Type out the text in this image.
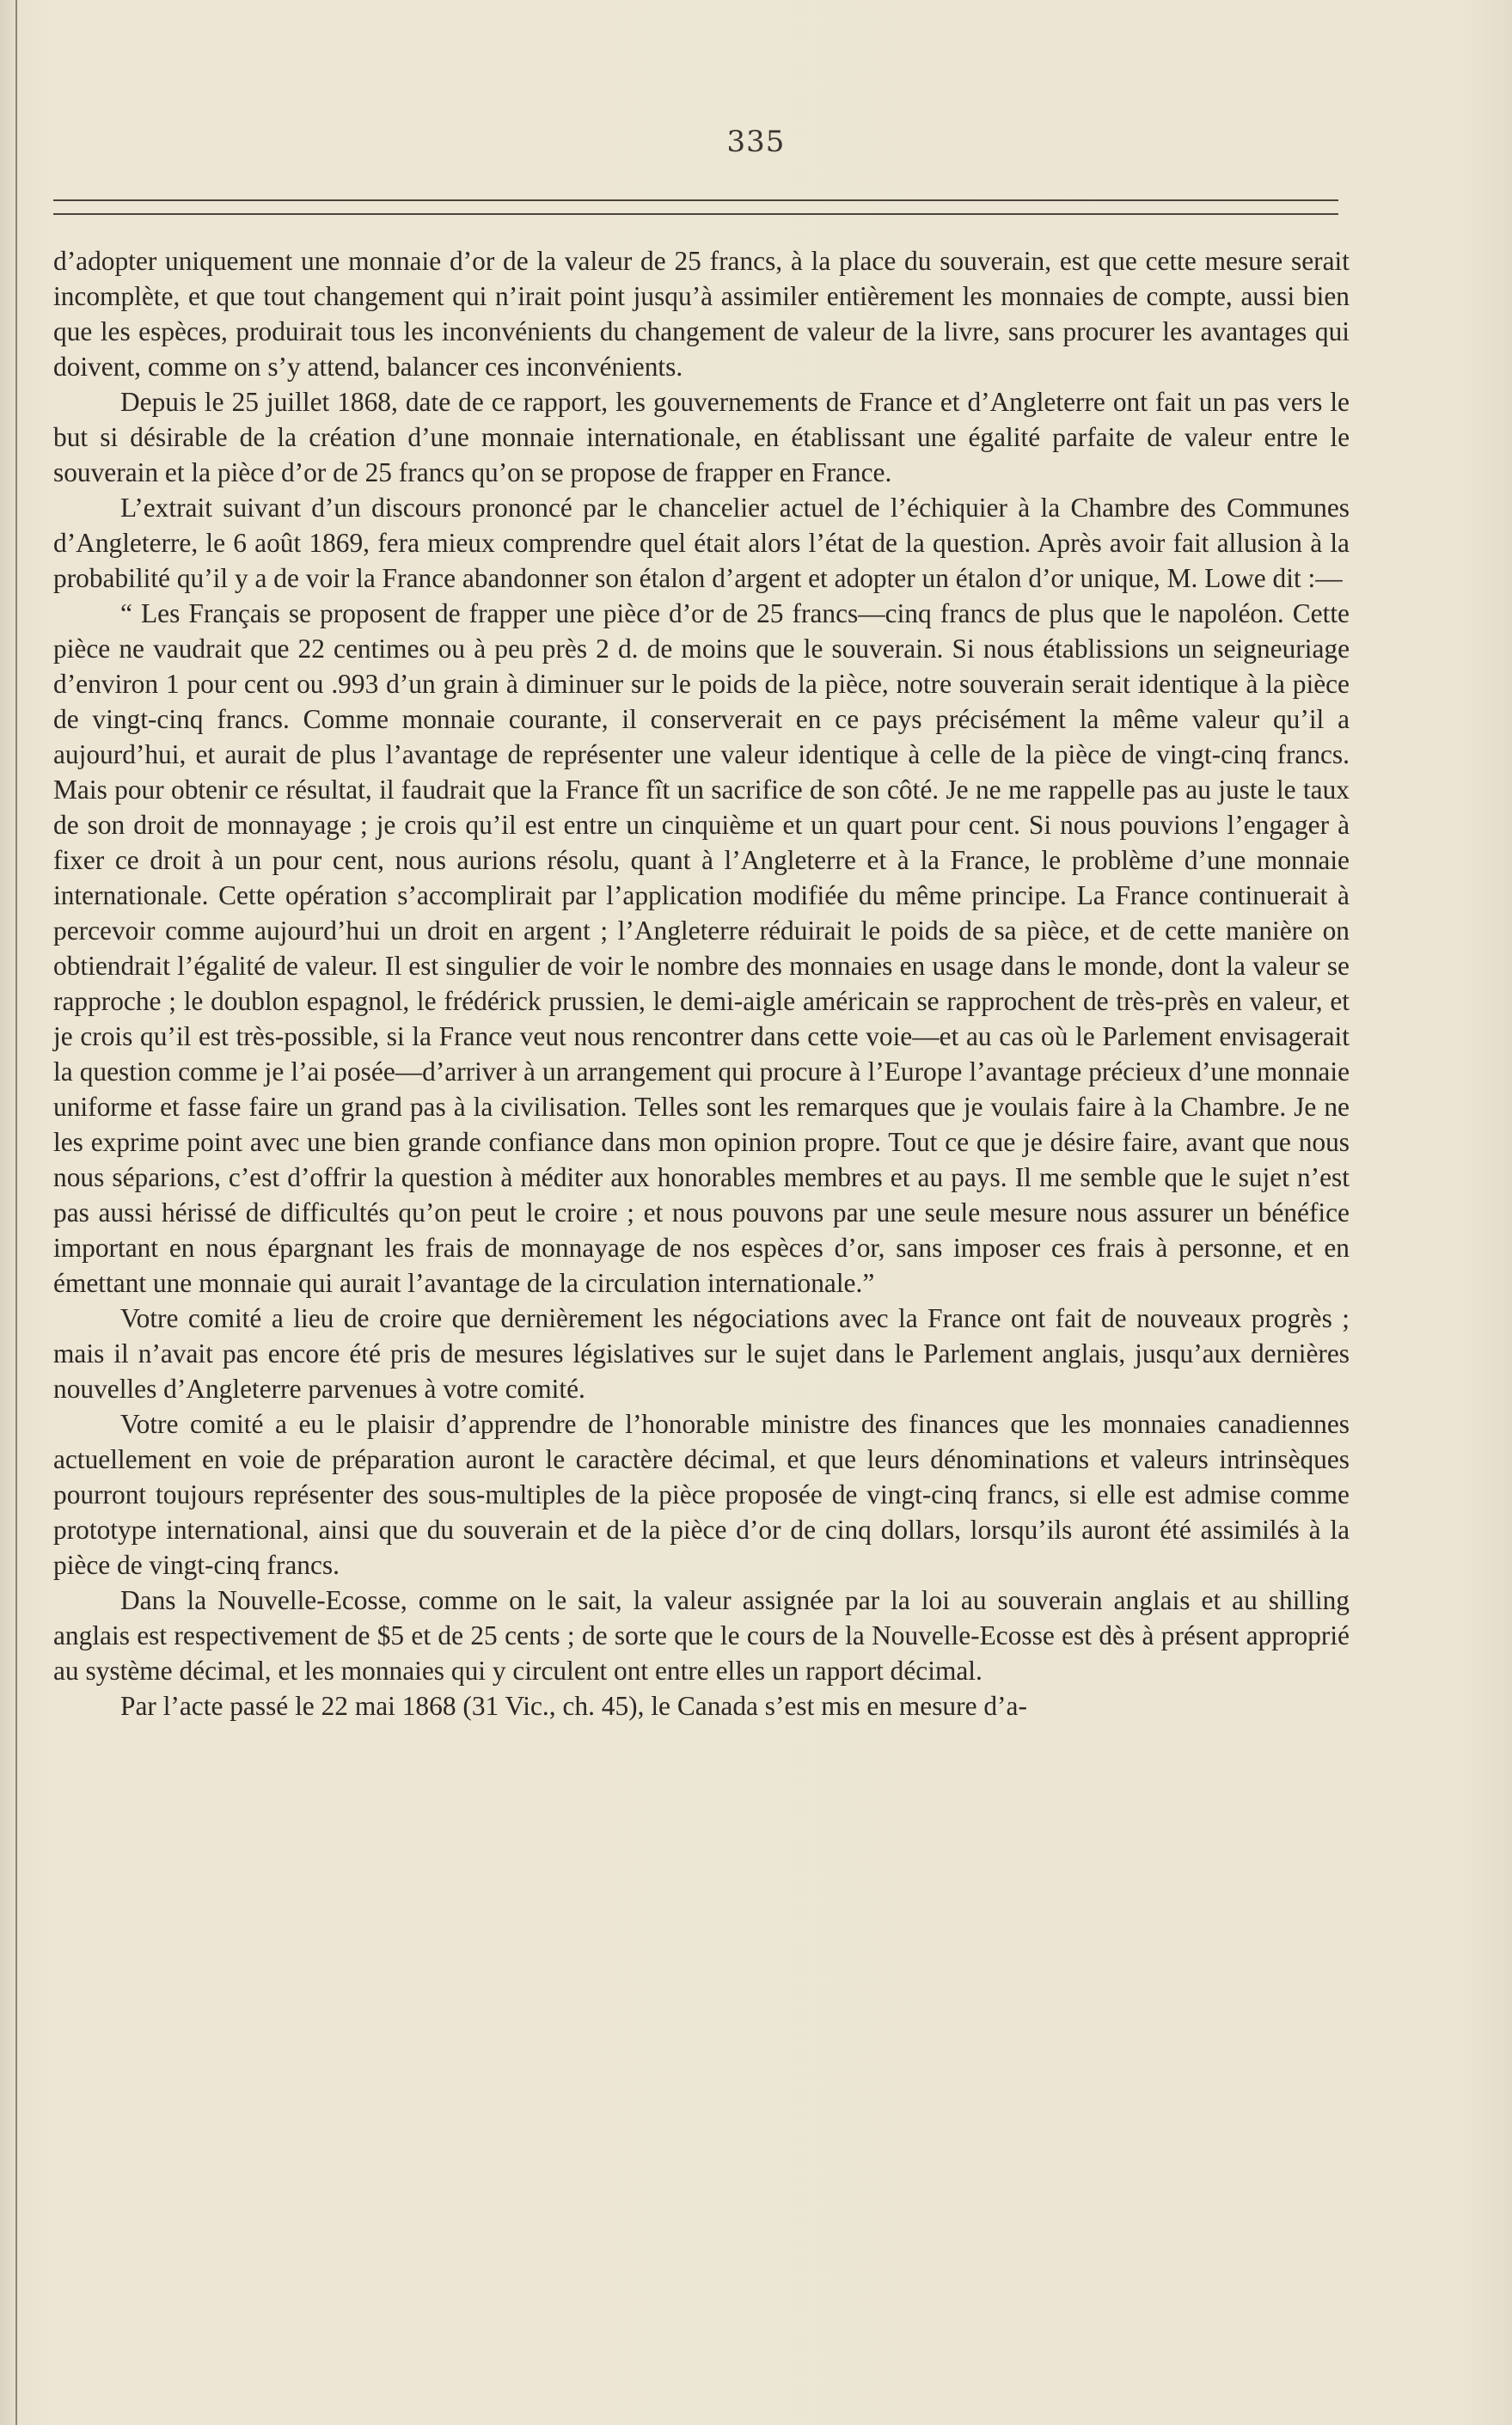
335

d’adopter uniquement une monnaie d’or de la valeur de 25 francs, à la place du souverain, est que cette mesure serait incomplète, et que tout changement qui n’irait point jusqu’à assimiler entièrement les monnaies de compte, aussi bien que les espèces, produirait tous les inconvénients du changement de valeur de la livre, sans procurer les avantages qui doivent, comme on s’y attend, balancer ces inconvénients.

Depuis le 25 juillet 1868, date de ce rapport, les gouvernements de France et d’Angleterre ont fait un pas vers le but si désirable de la création d’une monnaie internationale, en établissant une égalité parfaite de valeur entre le souverain et la pièce d’or de 25 francs qu’on se propose de frapper en France.

L’extrait suivant d’un discours prononcé par le chancelier actuel de l’échiquier à la Chambre des Communes d’Angleterre, le 6 août 1869, fera mieux comprendre quel était alors l’état de la question. Après avoir fait allusion à la probabilité qu’il y a de voir la France abandonner son étalon d’argent et adopter un étalon d’or unique, M. Lowe dit :—

“ Les Français se proposent de frapper une pièce d’or de 25 francs—cinq francs de plus que le napoléon. Cette pièce ne vaudrait que 22 centimes ou à peu près 2 d. de moins que le souverain. Si nous établissions un seigneuriage d’environ 1 pour cent ou .993 d’un grain à diminuer sur le poids de la pièce, notre souverain serait identique à la pièce de vingt-cinq francs. Comme monnaie courante, il conserverait en ce pays précisément la même valeur qu’il a aujourd’hui, et aurait de plus l’avantage de représenter une valeur identique à celle de la pièce de vingt-cinq francs. Mais pour obtenir ce résultat, il faudrait que la France fît un sacrifice de son côté. Je ne me rappelle pas au juste le taux de son droit de monnayage ; je crois qu’il est entre un cinquième et un quart pour cent. Si nous pouvions l’engager à fixer ce droit à un pour cent, nous aurions résolu, quant à l’Angleterre et à la France, le problème d’une monnaie internationale. Cette opération s’accomplirait par l’application modifiée du même principe. La France continuerait à percevoir comme aujourd’hui un droit en argent ; l’Angleterre réduirait le poids de sa pièce, et de cette manière on obtiendrait l’égalité de valeur. Il est singulier de voir le nombre des monnaies en usage dans le monde, dont la valeur se rapproche ; le doublon espagnol, le frédérick prussien, le demi-aigle américain se rapprochent de très-près en valeur, et je crois qu’il est très-possible, si la France veut nous rencontrer dans cette voie—et au cas où le Parlement envisagerait la question comme je l’ai posée—d’arriver à un arrangement qui procure à l’Europe l’avantage précieux d’une monnaie uniforme et fasse faire un grand pas à la civilisation. Telles sont les remarques que je voulais faire à la Chambre. Je ne les exprime point avec une bien grande confiance dans mon opinion propre. Tout ce que je désire faire, avant que nous nous séparions, c’est d’offrir la question à méditer aux honorables membres et au pays. Il me semble que le sujet n’est pas aussi hérissé de difficultés qu’on peut le croire ; et nous pouvons par une seule mesure nous assurer un bénéfice important en nous épargnant les frais de monnayage de nos espèces d’or, sans imposer ces frais à personne, et en émettant une monnaie qui aurait l’avantage de la circulation internationale.”

Votre comité a lieu de croire que dernièrement les négociations avec la France ont fait de nouveaux progrès ; mais il n’avait pas encore été pris de mesures législatives sur le sujet dans le Parlement anglais, jusqu’aux dernières nouvelles d’Angleterre parvenues à votre comité.

Votre comité a eu le plaisir d’apprendre de l’honorable ministre des finances que les monnaies canadiennes actuellement en voie de préparation auront le caractère décimal, et que leurs dénominations et valeurs intrinsèques pourront toujours représenter des sous-multiples de la pièce proposée de vingt-cinq francs, si elle est admise comme prototype international, ainsi que du souverain et de la pièce d’or de cinq dollars, lorsqu’ils auront été assimilés à la pièce de vingt-cinq francs.

Dans la Nouvelle-Ecosse, comme on le sait, la valeur assignée par la loi au souverain anglais et au shilling anglais est respectivement de $5 et de 25 cents ; de sorte que le cours de la Nouvelle-Ecosse est dès à présent approprié au système décimal, et les monnaies qui y circulent ont entre elles un rapport décimal.

Par l’acte passé le 22 mai 1868 (31 Vic., ch. 45), le Canada s’est mis en mesure d’a-
